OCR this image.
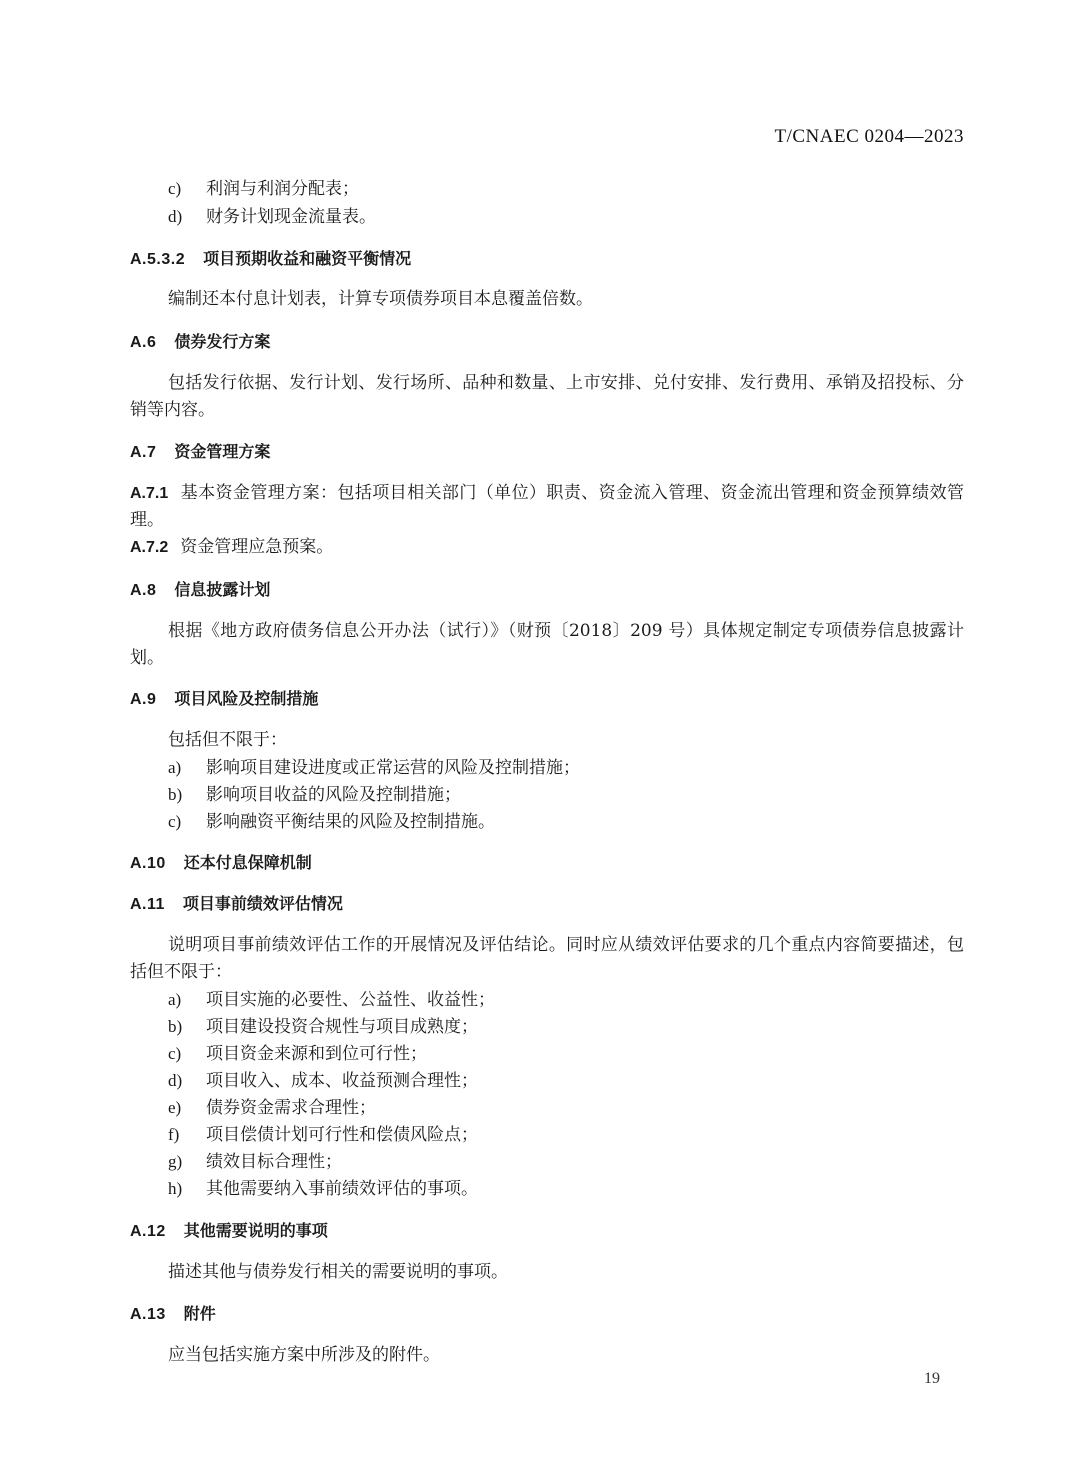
T/CNAEC 0204—2023
c) 利润与利润分配表；
d) 财务计划现金流量表。
A.5.3.2 项目预期收益和融资平衡情况
编制还本付息计划表，计算专项债券项目本息覆盖倍数。
A.6 债券发行方案
包括发行依据、发行计划、发行场所、品种和数量、上市安排、兑付安排、发行费用、承销及招投标、分销等内容。
A.7 资金管理方案
A.7.1 基本资金管理方案：包括项目相关部门（单位）职责、资金流入管理、资金流出管理和资金预算绩效管理。
A.7.2 资金管理应急预案。
A.8 信息披露计划
根据《地方政府债务信息公开办法（试行）》（财预〔2018〕209 号）具体规定制定专项债券信息披露计划。
A.9 项目风险及控制措施
包括但不限于：
a) 影响项目建设进度或正常运营的风险及控制措施；
b) 影响项目收益的风险及控制措施；
c) 影响融资平衡结果的风险及控制措施。
A.10 还本付息保障机制
A.11 项目事前绩效评估情况
说明项目事前绩效评估工作的开展情况及评估结论。同时应从绩效评估要求的几个重点内容简要描述，包括但不限于：
a) 项目实施的必要性、公益性、收益性；
b) 项目建设投资合规性与项目成熟度；
c) 项目资金来源和到位可行性；
d) 项目收入、成本、收益预测合理性；
e) 债券资金需求合理性；
f) 项目偿债计划可行性和偿债风险点；
g) 绩效目标合理性；
h) 其他需要纳入事前绩效评估的事项。
A.12 其他需要说明的事项
描述其他与债券发行相关的需要说明的事项。
A.13 附件
应当包括实施方案中所涉及的附件。
19
